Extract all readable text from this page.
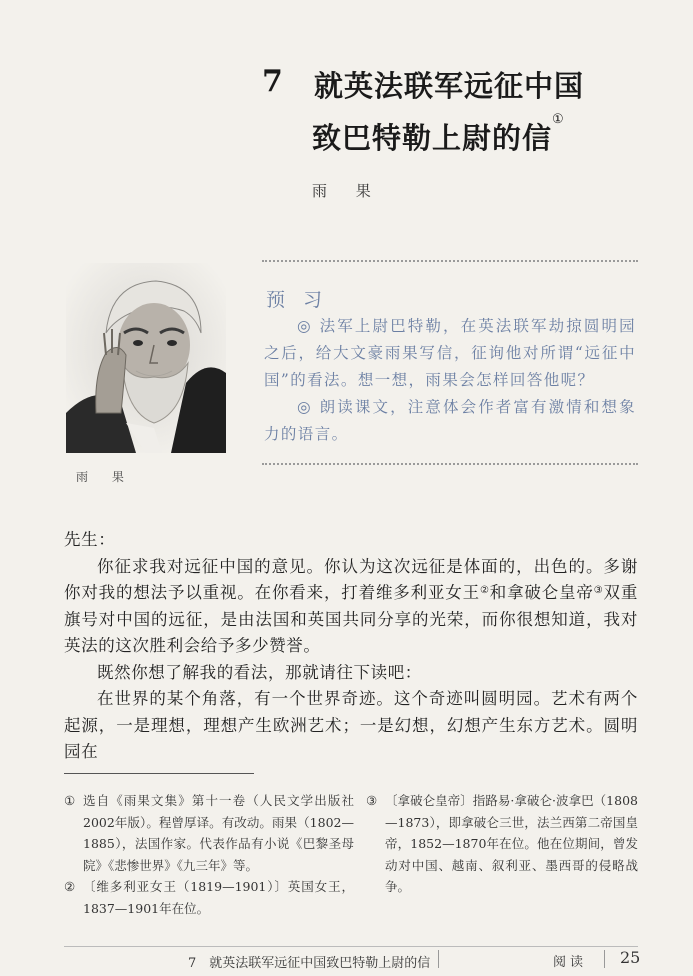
7 就英法联军远征中国
致巴特勒上尉的信①
雨 果
雨 果
预 习

◎ 法军上尉巴特勒，在英法联军劫掠圆明园之后，给大文豪雨果写信，征询他对所谓“远征中国”的看法。想一想，雨果会怎样回答他呢？

◎ 朗读课文，注意体会作者富有激情和想象力的语言。

先生：

你征求我对远征中国的意见。你认为这次远征是体面的，出色的。多谢你对我的想法予以重视。在你看来，打着维多利亚女王②和拿破仑皇帝③双重旗号对中国的远征，是由法国和英国共同分享的光荣，而你很想知道，我对英法的这次胜利会给予多少赞誉。

既然你想了解我的看法，那就请往下读吧：

在世界的某个角落，有一个世界奇迹。这个奇迹叫圆明园。艺术有两个起源，一是理想，理想产生欧洲艺术；一是幻想，幻想产生东方艺术。圆明园在

① 选自《雨果文集》第十一卷（人民文学出版社2002年版）。程曾厚译。有改动。雨果（1802—1885），法国作家。代表作品有小说《巴黎圣母院》《悲惨世界》《九三年》等。
② 〔维多利亚女王（1819—1901）〕英国女王，1837—1901年在位。
③ 〔拿破仑皇帝〕指路易·拿破仑·波拿巴（1808—1873），即拿破仑三世，法兰西第二帝国皇帝，1852—1870年在位。他在位期间，曾发动对中国、越南、叙利亚、墨西哥的侵略战争。
7　就英法联军远征中国致巴特勒上尉的信	阅读 25
